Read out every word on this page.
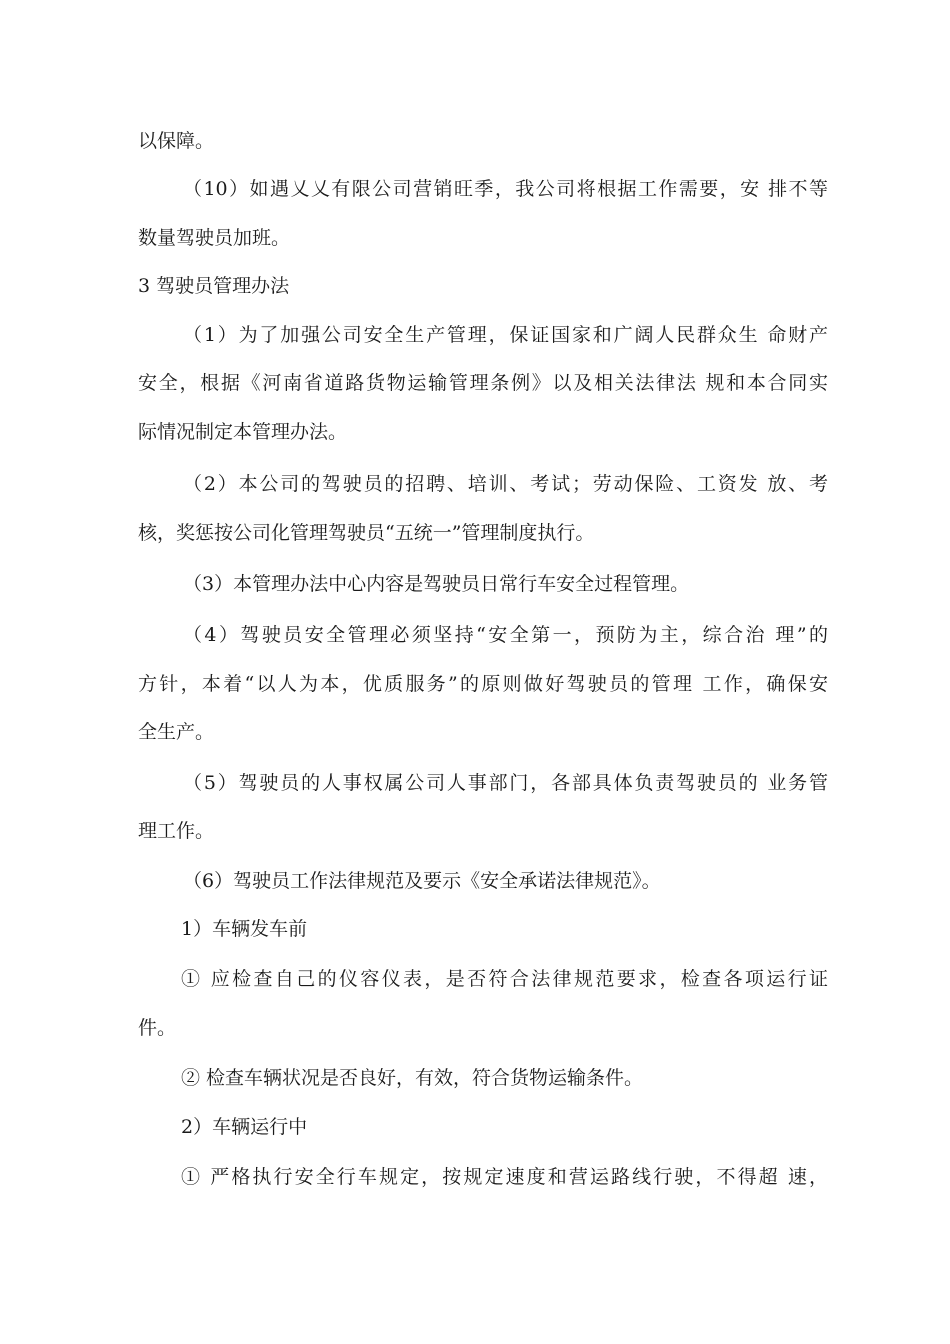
以保障。
（10）如遇乂乂有限公司营销旺季，我公司将根据工作需要，安 排不等
数量驾驶员加班。
3 驾驶员管理办法
（1）为了加强公司安全生产管理，保证国家和广阔人民群众生 命财产
安全，根据《河南省道路货物运输管理条例》以及相关法律法 规和本合同实
际情况制定本管理办法。
（2）本公司的驾驶员的招聘、培训、考试；劳动保险、工资发 放、考
核，奖惩按公司化管理驾驶员“五统一”管理制度执行。
（3）本管理办法中心内容是驾驶员日常行车安全过程管理。
（4）驾驶员安全管理必须坚持“安全第一，预防为主，综合治 理”的
方针，本着“以人为本，优质服务”的原则做好驾驶员的管理 工作，确保安
全生产。
（5）驾驶员的人事权属公司人事部门，各部具体负责驾驶员的 业务管
理工作。
（6）驾驶员工作法律规范及要示《安全承诺法律规范》。
1）车辆发车前
① 应检查自己的仪容仪表，是否符合法律规范要求，检查各项运行证
件。
② 检查车辆状况是否良好，有效，符合货物运输条件。
2）车辆运行中
① 严格执行安全行车规定，按规定速度和营运路线行驶，不得超 速，
